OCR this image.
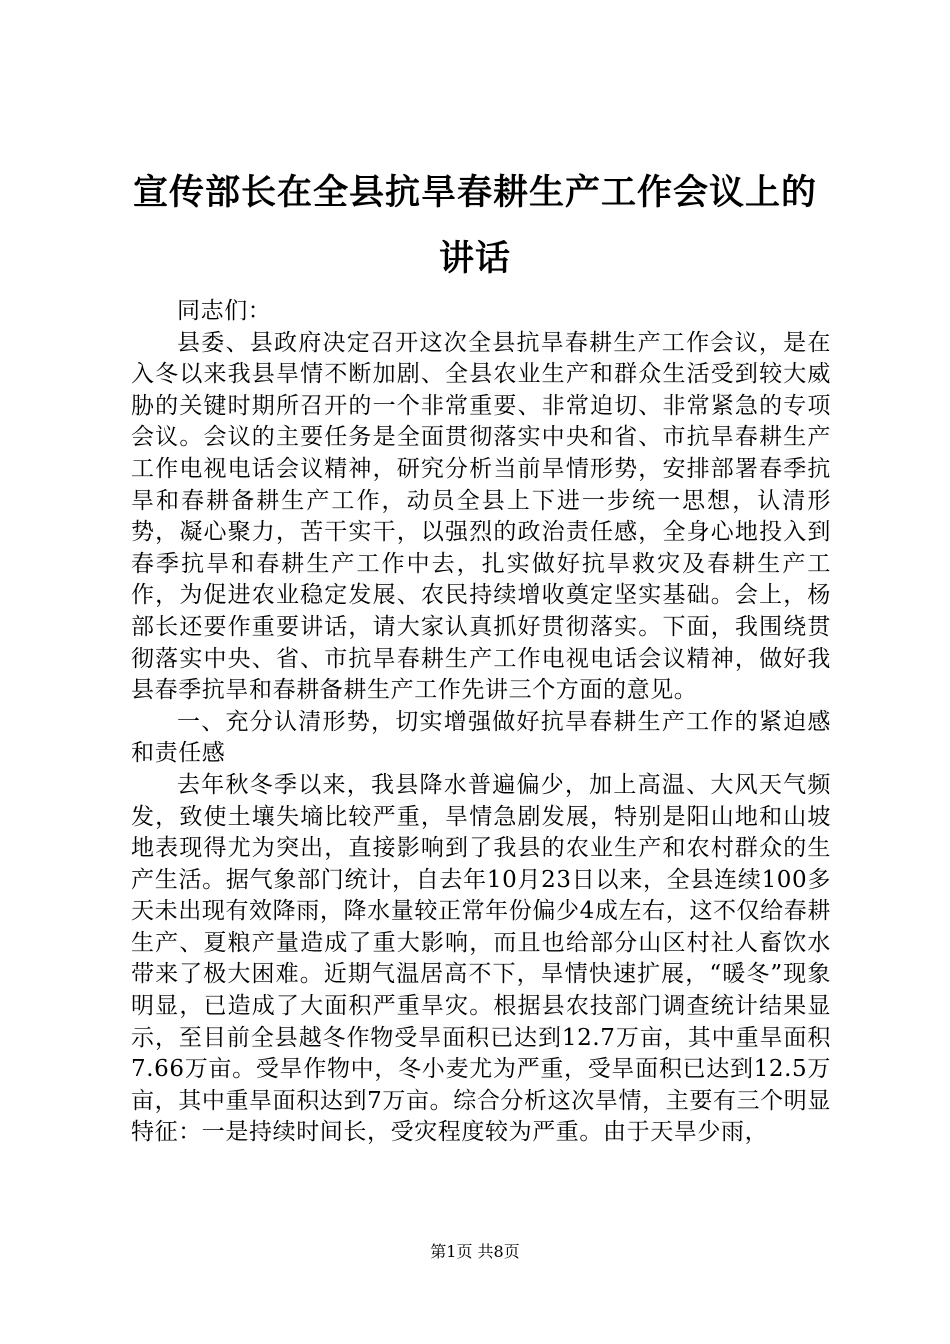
宣传部长在全县抗旱春耕生产工作会议上的讲话

同志们：

县委、县政府决定召开这次全县抗旱春耕生产工作会议，是在入冬以来我县旱情不断加剧、全县农业生产和群众生活受到较大威胁的关键时期所召开的一个非常重要、非常迫切、非常紧急的专项会议。会议的主要任务是全面贯彻落实中央和省、市抗旱春耕生产工作电视电话会议精神，研究分析当前旱情形势，安排部署春季抗旱和春耕备耕生产工作，动员全县上下进一步统一思想，认清形势，凝心聚力，苦干实干，以强烈的政治责任感，全身心地投入到春季抗旱和春耕生产工作中去，扎实做好抗旱救灾及春耕生产工作，为促进农业稳定发展、农民持续增收奠定坚实基础。会上，杨部长还要作重要讲话，请大家认真抓好贯彻落实。下面，我围绕贯彻落实中央、省、市抗旱春耕生产工作电视电话会议精神，做好我县春季抗旱和春耕备耕生产工作先讲三个方面的意见。

一、充分认清形势，切实增强做好抗旱春耕生产工作的紧迫感和责任感

去年秋冬季以来，我县降水普遍偏少，加上高温、大风天气频发，致使土壤失墒比较严重，旱情急剧发展，特别是阳山地和山坡地表现得尤为突出，直接影响到了我县的农业生产和农村群众的生产生活。据气象部门统计，自去年10月23日以来，全县连续100多天未出现有效降雨，降水量较正常年份偏少4成左右，这不仅给春耕生产、夏粮产量造成了重大影响，而且也给部分山区村社人畜饮水带来了极大困难。近期气温居高不下，旱情快速扩展，“暖冬”现象明显，已造成了大面积严重旱灾。根据县农技部门调查统计结果显示，至目前全县越冬作物受旱面积已达到12.7万亩，其中重旱面积7.66万亩。受旱作物中，冬小麦尤为严重，受旱面积已达到12.5万亩，其中重旱面积达到7万亩。综合分析这次旱情，主要有三个明显特征：一是持续时间长，受灾程度较为严重。由于天旱少雨，

第1页 共8页
